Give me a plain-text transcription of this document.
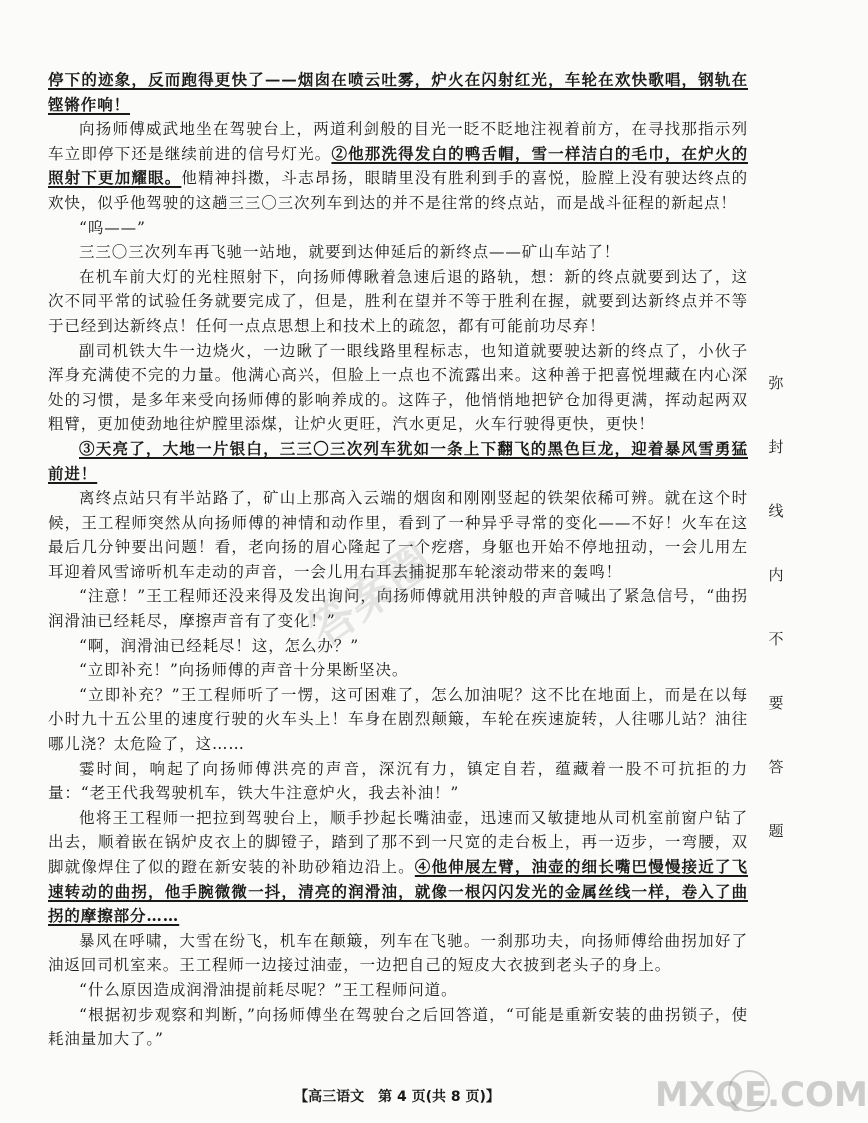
停下的迹象，反而跑得更快了——烟囱在喷云吐雾，炉火在闪射红光，车轮在欢快歌唱，钢轨在铿锵作响！

向扬师傅威武地坐在驾驶台上，两道利剑般的目光一眨不眨地注视着前方，在寻找那指示列车立即停下还是继续前进的信号灯光。②他那洗得发白的鸭舌帽，雪一样洁白的毛巾，在炉火的照射下更加耀眼。他精神抖擞，斗志昂扬，眼睛里没有胜利到手的喜悦，脸膛上没有驶达终点的欢快，似乎他驾驶的这趟三三〇三次列车到达的并不是往常的终点站，而是战斗征程的新起点！

“呜——”

三三〇三次列车再飞驰一站地，就要到达伸延后的新终点——矿山车站了！

在机车前大灯的光柱照射下，向扬师傅瞅着急速后退的路轨，想：新的终点就要到达了，这次不同平常的试验任务就要完成了，但是，胜利在望并不等于胜利在握，就要到达新终点并不等于已经到达新终点！任何一点点思想上和技术上的疏忽，都有可能前功尽弃！

副司机铁大牛一边烧火，一边瞅了一眼线路里程标志，也知道就要驶达新的终点了，小伙子浑身充满使不完的力量。他满心高兴，但脸上一点也不流露出来。这种善于把喜悦埋藏在内心深处的习惯，是多年来受向扬师傅的影响养成的。这阵子，他悄悄地把铲仓加得更满，挥动起两双粗臂，更加使劲地往炉膛里添煤，让炉火更旺，汽水更足，火车行驶得更快，更快！

③天亮了，大地一片银白，三三〇三次列车犹如一条上下翻飞的黑色巨龙，迎着暴风雪勇猛前进！

离终点站只有半站路了，矿山上那高入云端的烟囱和刚刚竖起的铁架依稀可辨。就在这个时候，王工程师突然从向扬师傅的神情和动作里，看到了一种异乎寻常的变化——不好！火车在这最后几分钟要出问题！看，老向扬的眉心隆起了一个疙瘩，身躯也开始不停地扭动，一会儿用左耳迎着风雪谛听机车走动的声音，一会儿用右耳去捕捉那车轮滚动带来的轰鸣！

“注意！”王工程师还没来得及发出询问，向扬师傅就用洪钟般的声音喊出了紧急信号，“曲拐润滑油已经耗尽，摩擦声音有了变化！”

“啊，润滑油已经耗尽！这，怎么办？”

“立即补充！”向扬师傅的声音十分果断坚决。

“立即补充？”王工程师听了一愣，这可困难了，怎么加油呢？这不比在地面上，而是在以每小时九十五公里的速度行驶的火车头上！车身在剧烈颠簸，车轮在疾速旋转，人往哪儿站？油往哪儿浇？太危险了，这……

霎时间，响起了向扬师傅洪亮的声音，深沉有力，镇定自若，蕴藏着一股不可抗拒的力量：“老王代我驾驶机车，铁大牛注意炉火，我去补油！”

他将王工程师一把拉到驾驶台上，顺手抄起长嘴油壶，迅速而又敏捷地从司机室前窗户钻了出去，顺着嵌在锅炉皮衣上的脚镫子，踏到了那不到一尺宽的走台板上，再一迈步，一弯腰，双脚就像焊住了似的蹬在新安装的补助砂箱边沿上。④他伸展左臂，油壶的细长嘴巴慢慢接近了飞速转动的曲拐，他手腕微微一抖，清亮的润滑油，就像一根闪闪发光的金属丝线一样，卷入了曲拐的摩擦部分……

暴风在呼啸，大雪在纷飞，机车在颠簸，列车在飞驰。一刹那功夫，向扬师傅给曲拐加好了油返回司机室来。王工程师一边接过油壶，一边把自己的短皮大衣披到老头子的身上。

“什么原因造成润滑油提前耗尽呢？”王工程师问道。

“根据初步观察和判断，”向扬师傅坐在驾驶台之后回答道，“可能是重新安装的曲拐锁子，使耗油量加大了。”

弥
封
线
内
不
要
答
题
【高三语文　第 4 页(共 8 页)】
答案圈
MXQE.COM
